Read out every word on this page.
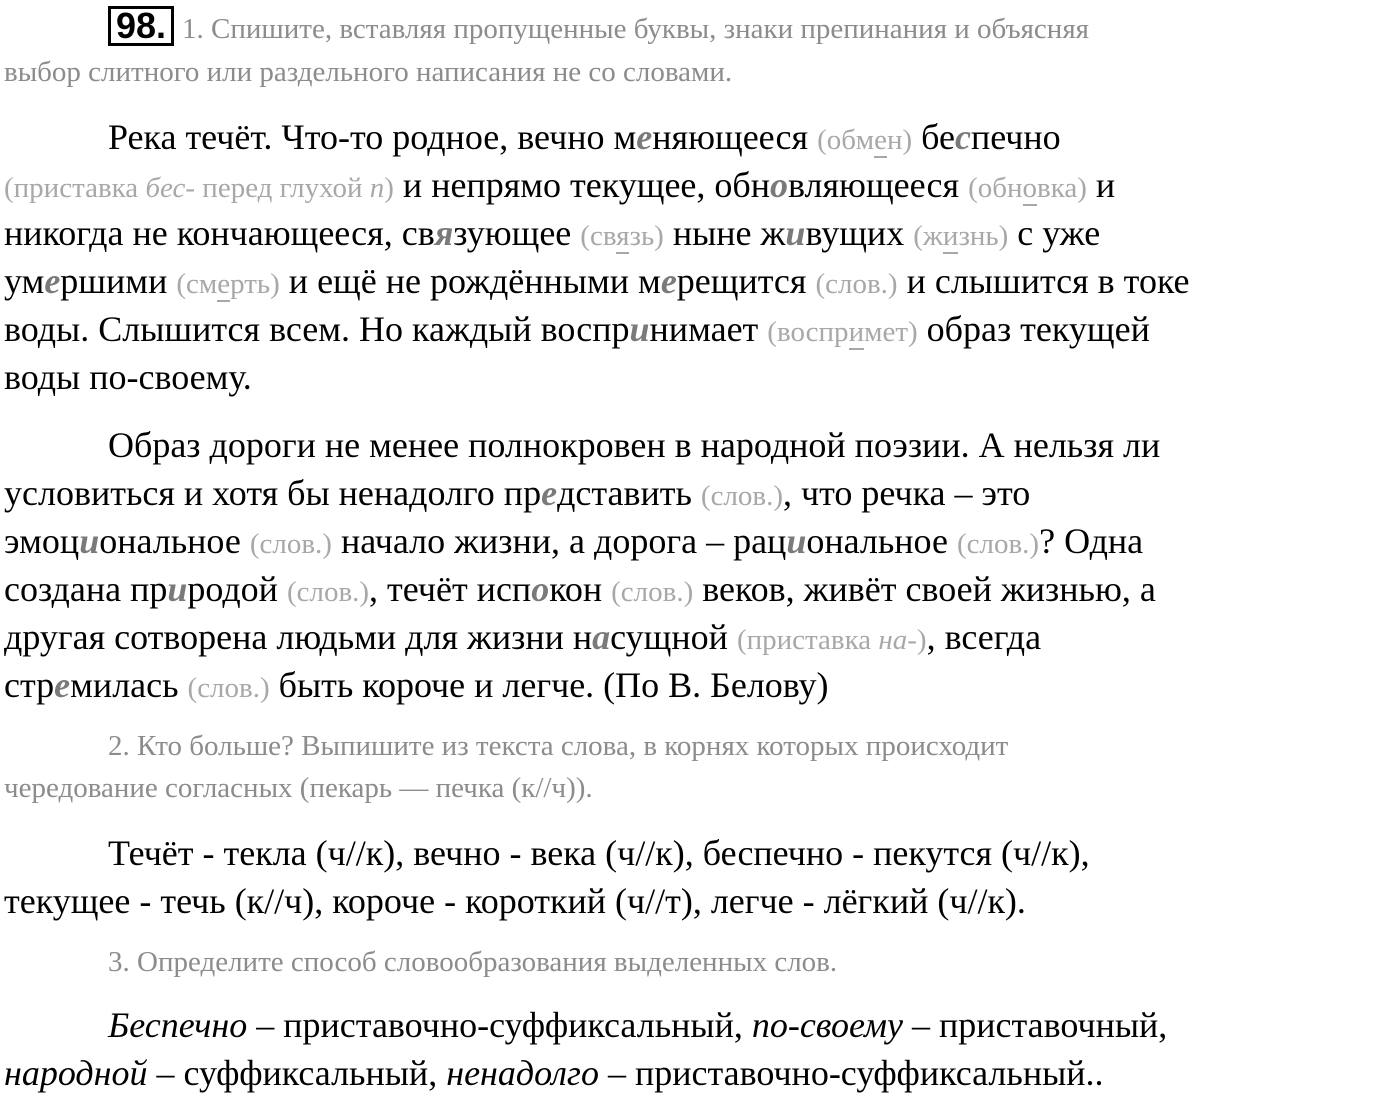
98. 1. Спишите, вставляя пропущенные буквы, знаки препинания и объясняя
выбор слитного или раздельного написания не со словами.
Река течёт. Что-то родное, вечно меняющееся (обмен) беспечно
(приставка бес- перед глухой п) и непрямо текущее, обновляющееся (обновка) и
никогда не кончающееся, связующее (связь) ныне живущих (жизнь) с уже
умершими (смерть) и ещё не рождёнными мерещится (слов.) и слышится в токе
воды. Слышится всем. Но каждый воспринимает (воспримет) образ текущей
воды по-своему.
Образ дороги не менее полнокровен в народной поэзии. А нельзя ли
условиться и хотя бы ненадолго представить (слов.), что речка – это
эмоциональное (слов.) начало жизни, а дорога – рациональное (слов.)? Одна
создана природой (слов.), течёт испокон (слов.) веков, живёт своей жизнью, а
другая сотворена людьми для жизни насущной (приставка на-), всегда
стремилась (слов.) быть короче и легче. (По В. Белову)
2. Кто больше? Выпишите из текста слова, в корнях которых происходит
чередование согласных (пекарь — печка (к//ч)).
Течёт - текла (ч//к), вечно - века (ч//к), беспечно - пекутся (ч//к),
текущее - течь (к//ч), короче - короткий (ч//т), легче - лёгкий (ч//к).
3. Определите способ словообразования выделенных слов.
Беспечно – приставочно-суффиксальный, по-своему – приставочный,
народной – суффиксальный, ненадолго – приставочно-суффиксальный..
